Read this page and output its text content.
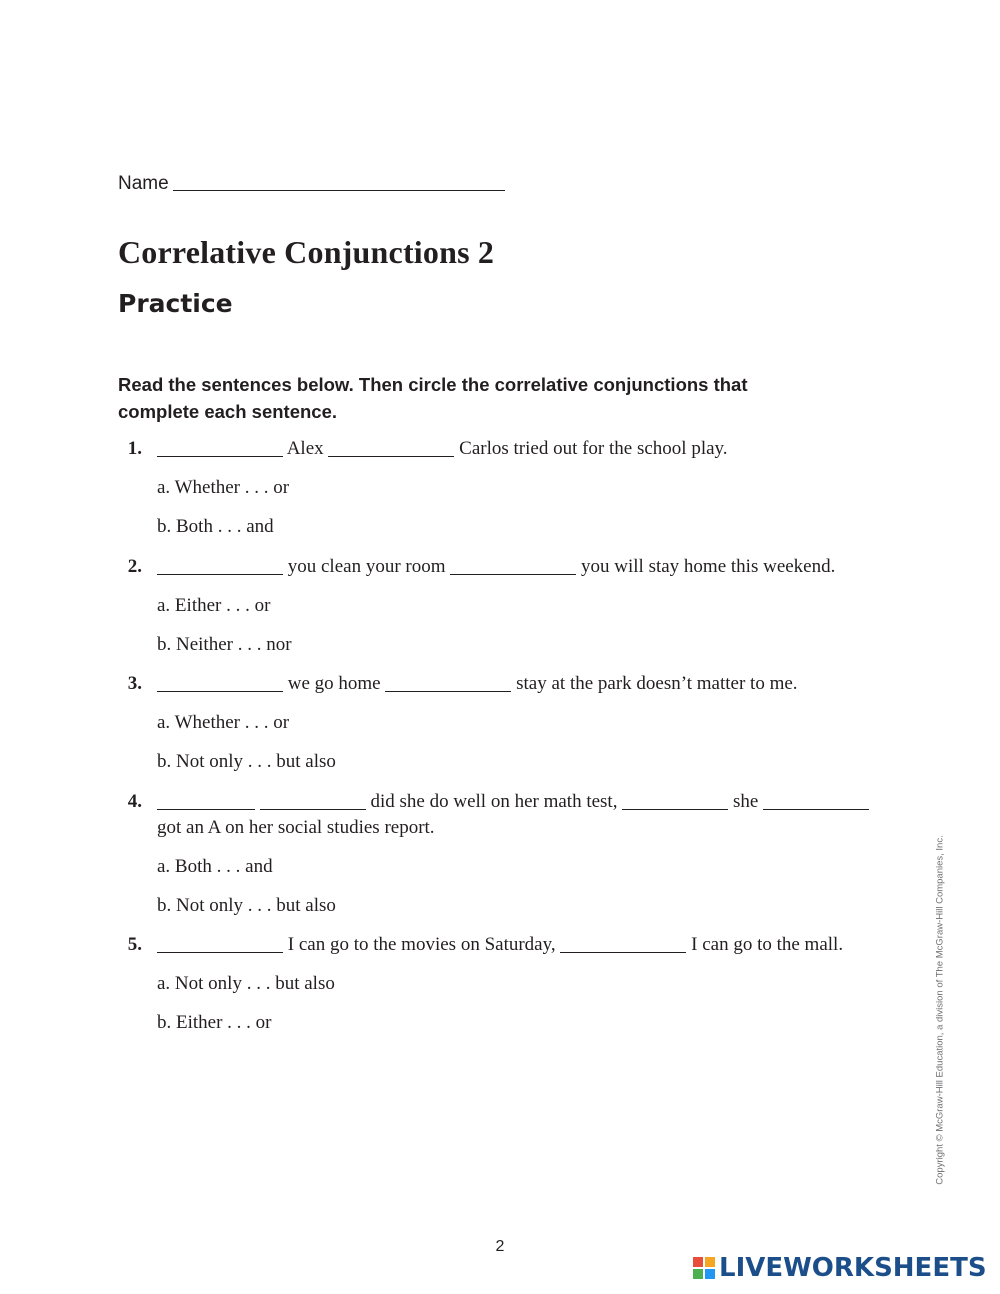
Name
Correlative Conjunctions 2
Practice

Read the sentences below. Then circle the correlative conjunctions that complete each sentence.

1.	Alex	Carlos tried out for the school play.
a. Whether . . . or
b. Both . . . and
2.	you clean your room	you will stay home this weekend.
a. Either . . . or
b. Neither . . . nor
3.	we go home	stay at the park doesn’t matter to me.
a. Whether . . . or
b. Not only . . . but also
4.	did she do well on her math test,	she
got an A on her social studies report.
a. Both . . . and
b. Not only . . . but also
5.	I can go to the movies on Saturday,	I can go to the mall.
a. Not only . . . but also
b. Either . . . or	Copyright © McGraw-Hill Education, a division of The McGraw-Hill Companies, Inc.
2
LIVEWORKSHEETS
